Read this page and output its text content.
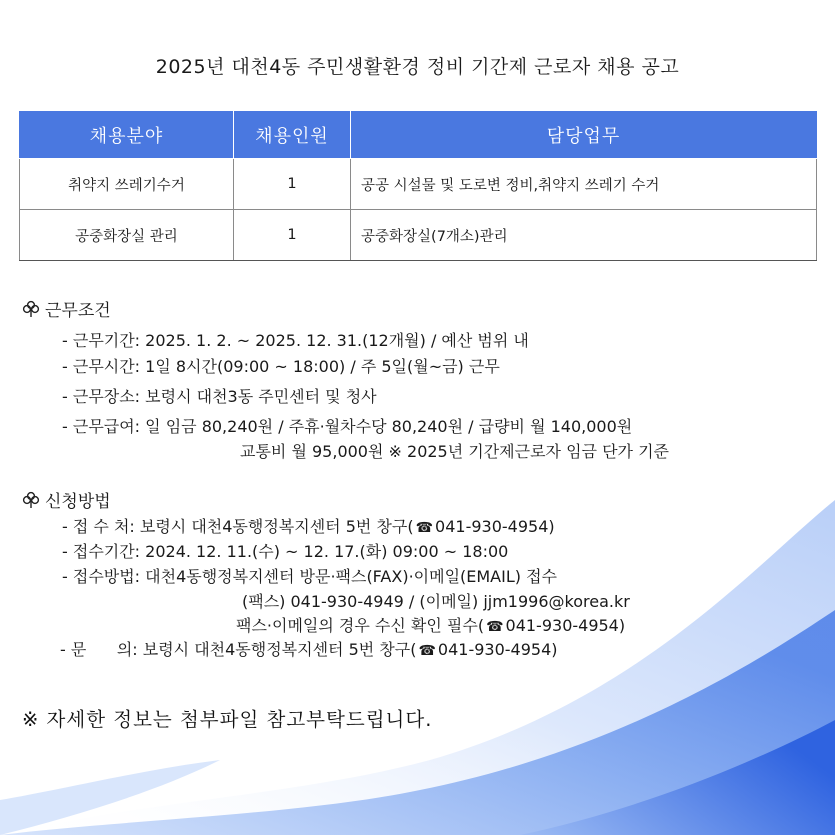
2025년 대천4동 주민생활환경 정비 기간제 근로자 채용 공고
채용분야	채용인원	담당업무
취약지 쓰레기수거	1	공공 시설물 및 도로변 정비,취약지 쓰레기 수거
공중화장실 관리	1	공중화장실(7개소)관리
근무조건
- 근무기간: 2025. 1. 2. ~ 2025. 12. 31.(12개월) / 예산 범위 내
- 근무시간: 1일 8시간(09:00 ~ 18:00) / 주 5일(월~금) 근무
- 근무장소: 보령시 대천3동 주민센터 및 청사
- 근무급여: 일 임금 80,240원 / 주휴·월차수당 80,240원 / 급량비 월 140,000원
교통비 월 95,000원 ※ 2025년 기간제근로자 임금 단가 기준
신청방법
- 접 수 처: 보령시 대천4동행정복지센터 5번 창구( ☎ 041-930-4954)
- 접수기간: 2024. 12. 11.(수) ~ 12. 17.(화) 09:00 ~ 18:00
- 접수방법: 대천4동행정복지센터 방문·팩스(FAX)·이메일(EMAIL) 접수
(팩스) 041-930-4949 / (이메일) jjm1996@korea.kr
팩스·이메일의 경우 수신 확인 필수( ☎ 041-930-4954)
- 문      의: 보령시 대천4동행정복지센터 5번 창구( ☎ 041-930-4954)
※ 자세한 정보는 첨부파일 참고부탁드립니다.
